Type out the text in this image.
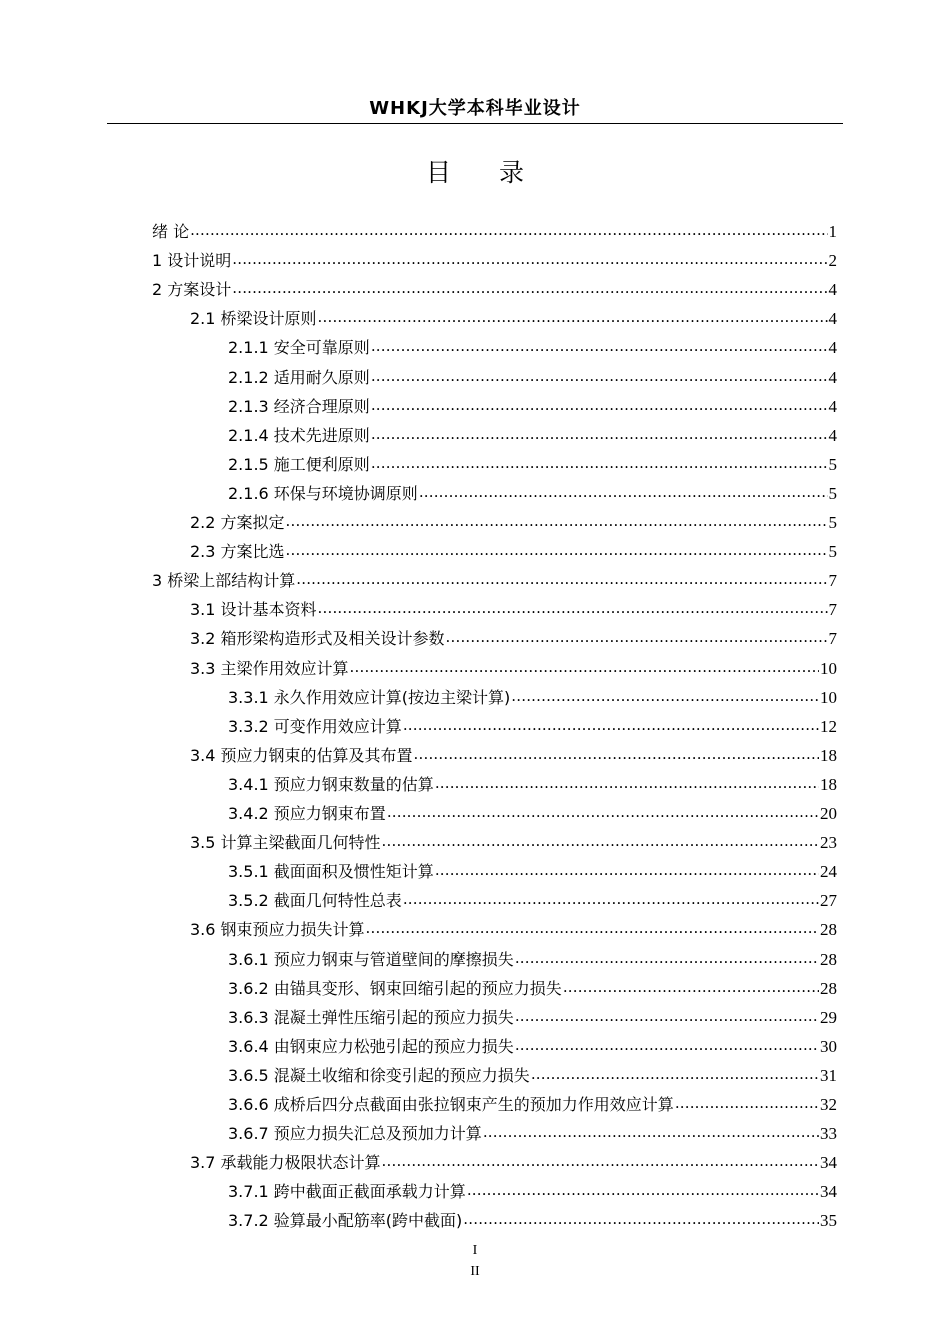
WHKJ大学本科毕业设计
目 录
绪 论 .....	1
1 设计说明 .....	2
2 方案设计 .....	4
2.1 桥梁设计原则 .....	4
2.1.1 安全可靠原则 .....	4
2.1.2 适用耐久原则 .....	4
2.1.3 经济合理原则 .....	4
2.1.4 技术先进原则 .....	4
2.1.5 施工便利原则 .....	5
2.1.6 环保与环境协调原则 .....	5
2.2 方案拟定 .....	5
2.3 方案比选 .....	5
3 桥梁上部结构计算 .....	7
3.1 设计基本资料 .....	7
3.2 箱形梁构造形式及相关设计参数 .....	7
3.3 主梁作用效应计算 .....	10
3.3.1 永久作用效应计算(按边主梁计算) .....	10
3.3.2 可变作用效应计算 .....	12
3.4 预应力钢束的估算及其布置 .....	18
3.4.1 预应力钢束数量的估算 .....	18
3.4.2 预应力钢束布置 .....	20
3.5 计算主梁截面几何特性 .....	23
3.5.1 截面面积及惯性矩计算 .....	24
3.5.2 截面几何特性总表 .....	27
3.6 钢束预应力损失计算 .....	28
3.6.1 预应力钢束与管道壁间的摩擦损失 .....	28
3.6.2 由锚具变形、钢束回缩引起的预应力损失 .....	28
3.6.3 混凝土弹性压缩引起的预应力损失 .....	29
3.6.4 由钢束应力松弛引起的预应力损失 .....	30
3.6.5 混凝土收缩和徐变引起的预应力损失 .....	31
3.6.6 成桥后四分点截面由张拉钢束产生的预加力作用效应计算 .....	32
3.6.7 预应力损失汇总及预加力计算 .....	33
3.7 承载能力极限状态计算 .....	34
3.7.1 跨中截面正截面承载力计算 .....	34
3.7.2 验算最小配筋率(跨中截面) .....	35
I
II
